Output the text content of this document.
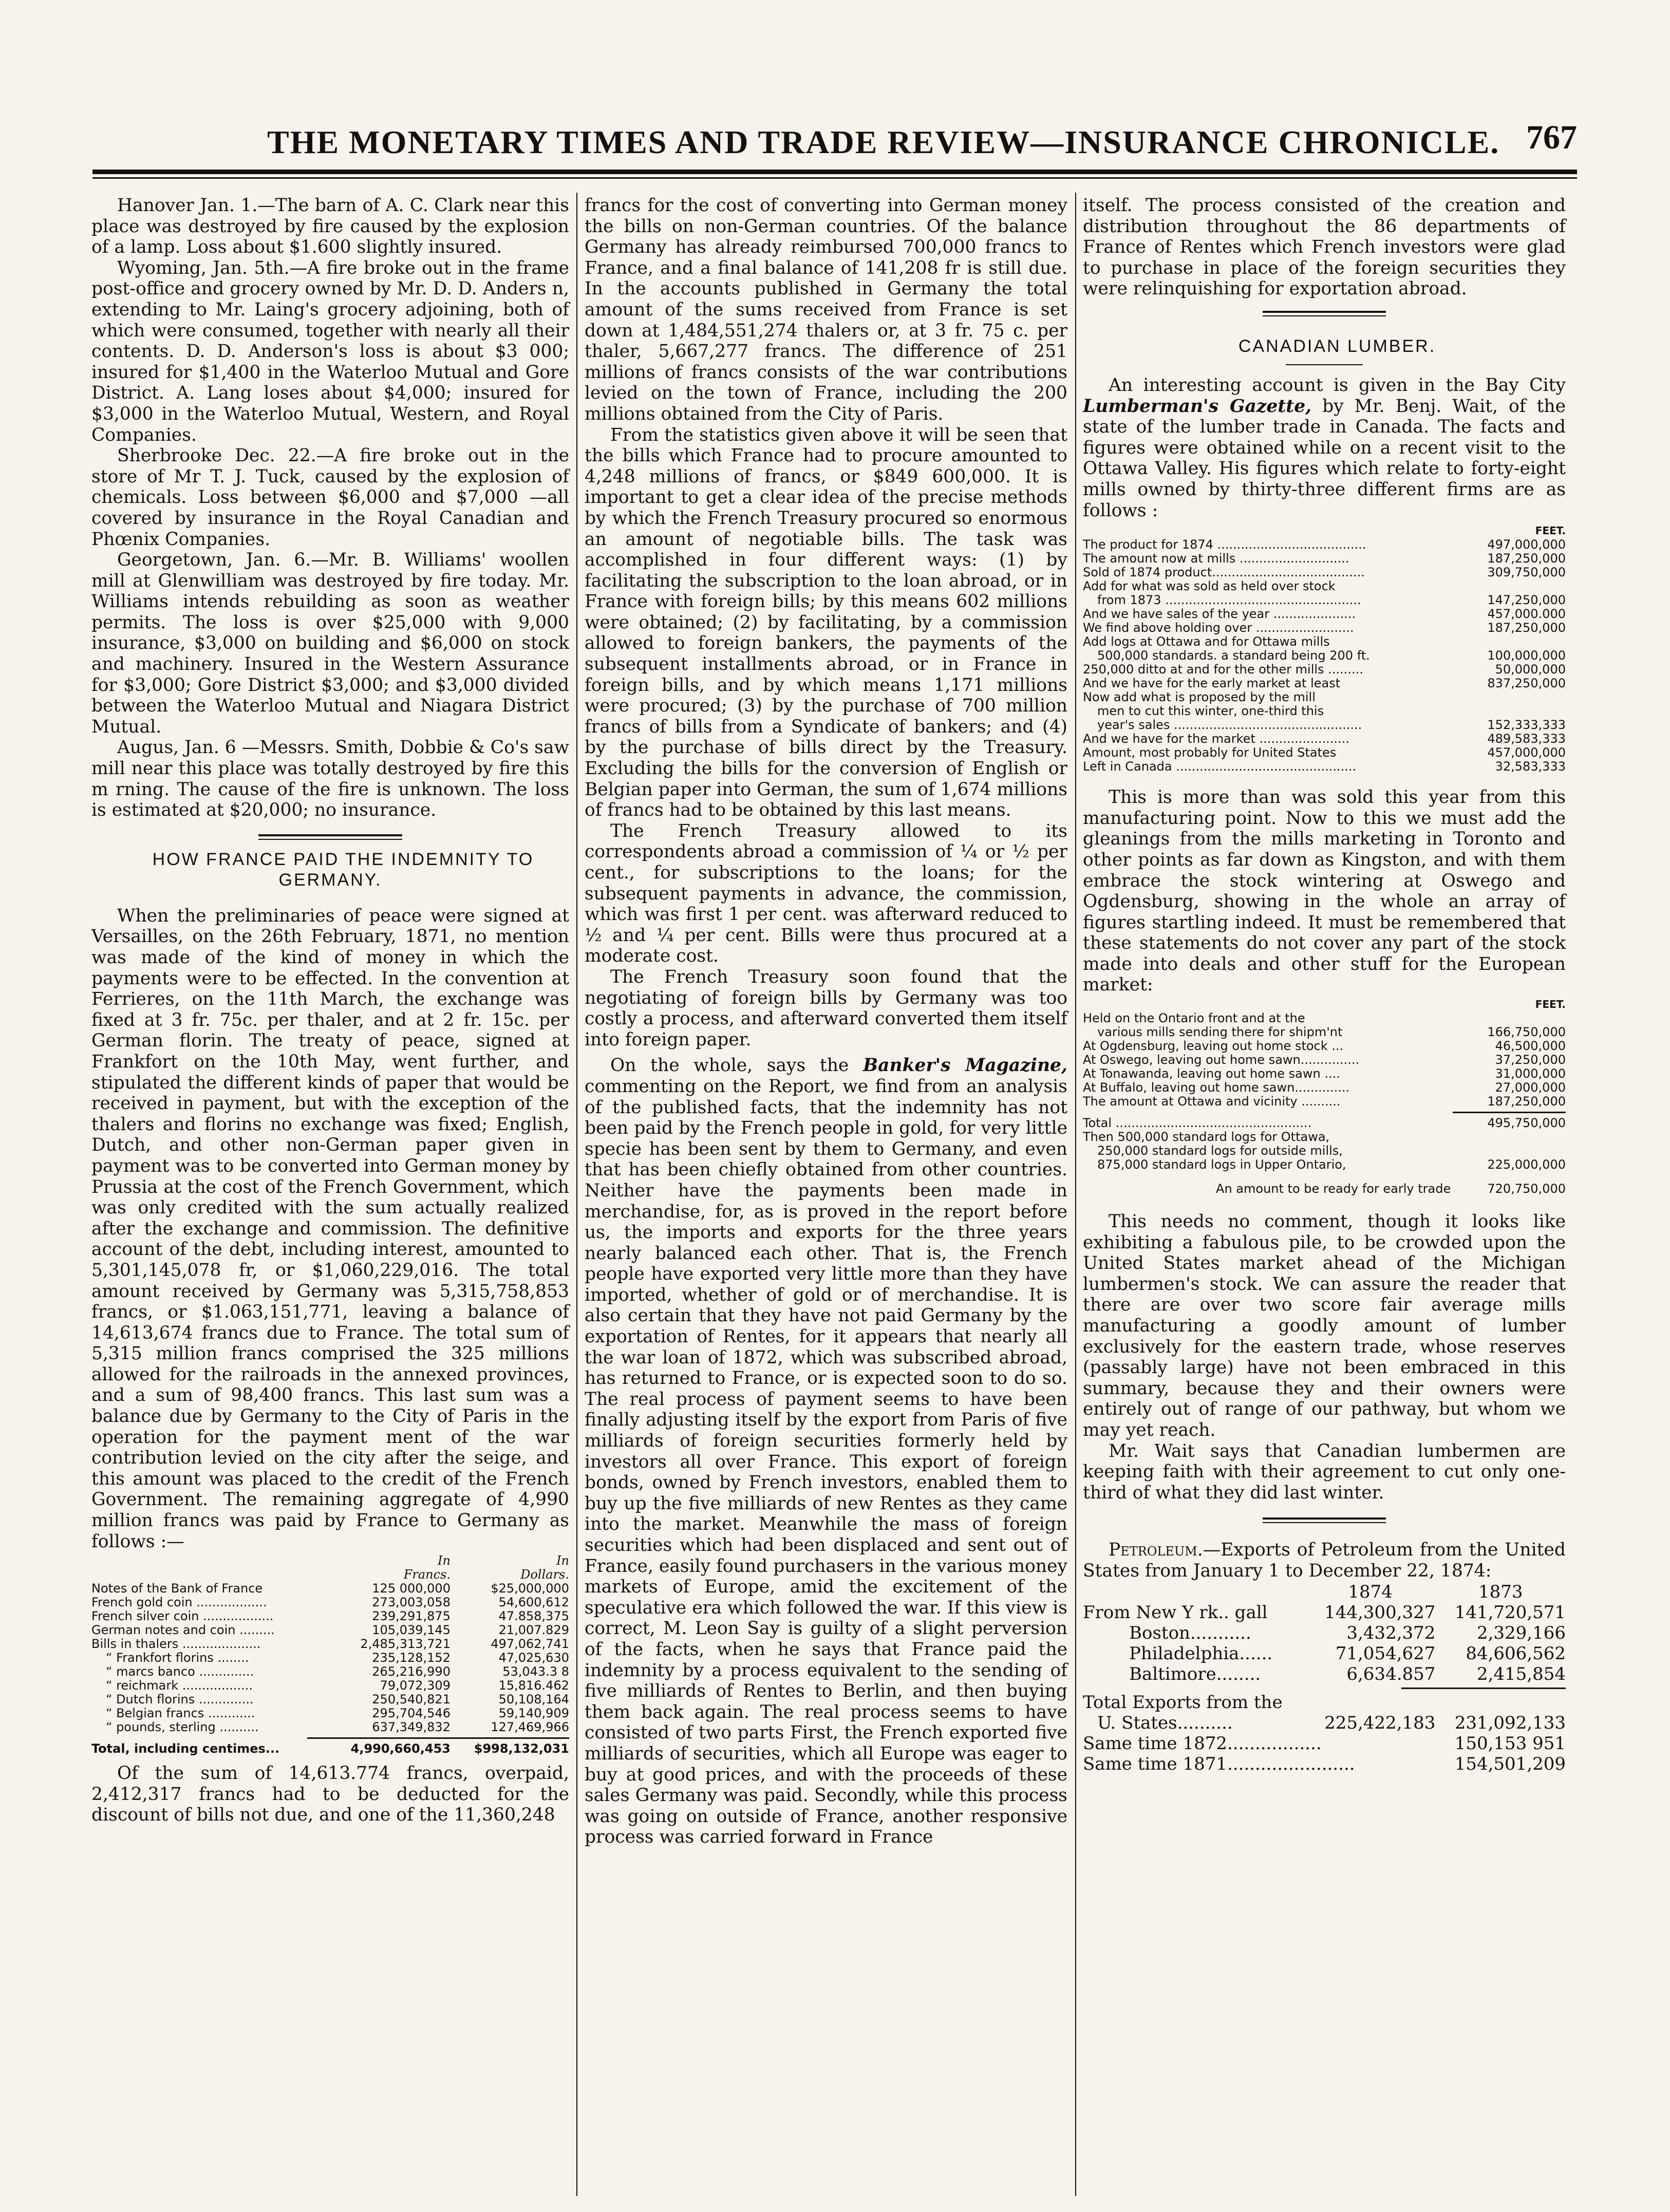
THE MONETARY TIMES AND TRADE REVIEW—INSURANCE CHRONICLE. 767

Hanover Jan. 1.—The barn of A. C. Clark near this place was destroyed by fire caused by the explosion of a lamp. Loss about $1.600 slightly insured.

Wyoming, Jan. 5th.—A fire broke out in the frame post-office and grocery owned by Mr. D. D. Anders n, extending to Mr. Laing's grocery adjoining, both of which were consumed, together with nearly all their contents. D. D. Anderson's loss is about $3 000; insured for $1,400 in the Waterloo Mutual and Gore District. A. Lang loses about $4,000; insured for $3,000 in the Waterloo Mutual, Western, and Royal Companies.

Sherbrooke Dec. 22.—A fire broke out in the store of Mr T. J. Tuck, caused by the explosion of chemicals. Loss between $6,000 and $7,000 —all covered by insurance in the Royal Canadian and Phœnix Companies.

Georgetown, Jan. 6.—Mr. B. Williams' woollen mill at Glenwilliam was destroyed by fire today. Mr. Williams intends rebuilding as soon as weather permits. The loss is over $25,000 with 9,000 insurance, $3,000 on building and $6,000 on stock and machinery. Insured in the Western Assurance for $3,000; Gore District $3,000; and $3,000 divided between the Waterloo Mutual and Niagara District Mutual.

Augus, Jan. 6 —Messrs. Smith, Dobbie & Co's saw mill near this place was totally destroyed by fire this m rning. The cause of the fire is unknown. The loss is estimated at $20,000; no insurance.

HOW FRANCE PAID THE INDEMNITY TO GERMANY.

When the preliminaries of peace were signed at Versailles, on the 26th February, 1871, no mention was made of the kind of money in which the payments were to be effected. In the convention at Ferrieres, on the 11th March, the exchange was fixed at 3 fr. 75c. per thaler, and at 2 fr. 15c. per German florin. The treaty of peace, signed at Frankfort on the 10th May, went further, and stipulated the different kinds of paper that would be received in payment, but with the exception of the thalers and florins no exchange was fixed; English, Dutch, and other non-German paper given in payment was to be converted into German money by Prussia at the cost of the French Government, which was only credited with the sum actually realized after the exchange and commission. The definitive account of the debt, including interest, amounted to 5,301,145,078 fr, or $1,060,229,016. The total amount received by Germany was 5,315,758,853 francs, or $1.063,151,771, leaving a balance of 14,613,674 francs due to France. The total sum of 5,315 million francs comprised the 325 millions allowed for the railroads in the annexed provinces, and a sum of 98,400 francs. This last sum was a balance due by Germany to the City of Paris in the operation for the payment ment of the war contribution levied on the city after the seige, and this amount was placed to the credit of the French Government. The remaining aggregate of 4,990 million francs was paid by France to Germany as follows :—

	In	In
	Francs.	Dollars.
Notes of the Bank of France	125 000,000	$25,000,000
French gold coin ..................	273,003,058	54,600,612
French silver coin ..................	239,291,875	47.858,375
German notes and coin .........	105,039,145	21,007.829
Bills in thalers ....................	2,485,313,721	497,062,741
“ Frankfort florins ........	235,128,152	47,025,630
“ marcs banco ..............	265,216,990	53,043.3 8
“ reichmark ..................	79,072,309	15,816.462
“ Dutch florins ..............	250,540,821	50,108,164
“ Belgian francs ............	295,704,546	59,140,909
“ pounds, sterling ..........	637,349,832	127,469,966

Total, including centimes...	4,990,660,453	$998,132,031

Of the sum of 14,613.774 francs, overpaid, 2,412,317 francs had to be deducted for the discount of bills not due, and one of the 11,360,248

francs for the cost of converting into German money the bills on non-German countries. Of the balance Germany has already reimbursed 700,000 francs to France, and a final balance of 141,208 fr is still due. In the accounts published in Germany the total amount of the sums received from France is set down at 1,484,551,274 thalers or, at 3 fr. 75 c. per thaler, 5,667,277 francs. The difference of 251 millions of francs consists of the war contributions levied on the town of France, including the 200 millions obtained from the City of Paris.

From the statistics given above it will be seen that the bills which France had to procure amounted to 4,248 millions of francs, or $849 600,000. It is important to get a clear idea of the precise methods by which the French Treasury procured so enormous an amount of negotiable bills. The task was accomplished in four different ways: (1) by facilitating the subscription to the loan abroad, or in France with foreign bills; by this means 602 millions were obtained; (2) by facilitating, by a commission allowed to foreign bankers, the payments of the subsequent installments abroad, or in France in foreign bills, and by which means 1,171 millions were procured; (3) by the purchase of 700 million francs of bills from a Syndicate of bankers; and (4) by the purchase of bills direct by the Treasury. Excluding the bills for the conversion of English or Belgian paper into German, the sum of 1,674 millions of francs had to be obtained by this last means.

The French Treasury allowed to its correspondents abroad a commission of ¼ or ½ per cent., for subscriptions to the loans; for the subsequent payments in advance, the commission, which was first 1 per cent. was afterward reduced to ½ and ¼ per cent. Bills were thus procured at a moderate cost.

The French Treasury soon found that the negotiating of foreign bills by Germany was too costly a process, and afterward converted them itself into foreign paper.

On the whole, says the Banker's Magazine, commenting on the Report, we find from an analysis of the published facts, that the indemnity has not been paid by the French people in gold, for very little specie has been sent by them to Germany, and even that has been chiefly obtained from other countries. Neither have the payments been made in merchandise, for, as is proved in the report before us, the imports and exports for the three years nearly balanced each other. That is, the French people have exported very little more than they have imported, whether of gold or of merchandise. It is also certain that they have not paid Germany by the exportation of Rentes, for it appears that nearly all the war loan of 1872, which was subscribed abroad, has returned to France, or is expected soon to do so. The real process of payment seems to have been finally adjusting itself by the export from Paris of five milliards of foreign securities formerly held by investors all over France. This export of foreign bonds, owned by French investors, enabled them to buy up the five milliards of new Rentes as they came into the market. Meanwhile the mass of foreign securities which had been displaced and sent out of France, easily found purchasers in the various money markets of Europe, amid the excitement of the speculative era which followed the war. If this view is correct, M. Leon Say is guilty of a slight perversion of the facts, when he says that France paid the indemnity by a process equivalent to the sending of five milliards of Rentes to Berlin, and then buying them back again. The real process seems to have consisted of two parts First, the French exported five milliards of securities, which all Europe was eager to buy at good prices, and with the proceeds of these sales Germany was paid. Secondly, while this process was going on outside of France, another responsive process was carried forward in France

itself. The process consisted of the creation and distribution throughout the 86 departments of France of Rentes which French investors were glad to purchase in place of the foreign securities they were relinquishing for exportation abroad.

CANADIAN LUMBER.

An interesting account is given in the Bay City Lumberman's Gazette, by Mr. Benj. Wait, of the state of the lumber trade in Canada. The facts and figures were obtained while on a recent visit to the Ottawa Valley. His figures which relate to forty-eight mills owned by thirty-three different firms are as follows :

	FEET.
The product for 1874 ......................................	497,000,000
The amount now at mills ............................	187,250,000
Sold of 1874 product.......................................	309,750,000
Add for what was sold as held over stock	
from 1873 ..................................................	147,250,000
And we have sales of the year .....................	457,000.000
We find above holding over .........................	187,250,000
Add logs at Ottawa and for Ottawa mills	
500,000 standards. a standard being 200 ft.	100,000,000
250,000 ditto at and for the other mills .........	50,000,000
And we have for the early market at least	837,250,000
Now add what is proposed by the mill	
men to cut this winter, one-third this	
year's sales ................................................	152,333,333
And we have for the market .......................	489,583,333
Amount, most probably for United States	457,000,000
Left in Canada ..............................................	32,583,333

This is more than was sold this year from this manufacturing point. Now to this we must add the gleanings from the mills marketing in Toronto and other points as far down as Kingston, and with them embrace the stock wintering at Oswego and Ogdensburg, showing in the whole an array of figures startling indeed. It must be remembered that these statements do not cover any part of the stock made into deals and other stuff for the European market:

	FEET.
Held on the Ontario front and at the	
various mills sending there for shipm'nt	166,750,000
At Ogdensburg, leaving out home stock ...	46,500,000
At Oswego, leaving out home sawn...............	37,250,000
At Tonawanda, leaving out home sawn ....	31,000,000
At Buffalo, leaving out home sawn..............	27,000,000
The amount at Ottawa and vicinity ..........	187,250,000

Total ..................................................	495,750,000
Then 500,000 standard logs for Ottawa,	
250,000 standard logs for outside mills,	
875,000 standard logs in Upper Ontario,	225,000,000

An amount to be ready for early trade	720,750,000

This needs no comment, though it looks like exhibiting a fabulous pile, to be crowded upon the United States market ahead of the Michigan lumbermen's stock. We can assure the reader that there are over two score fair average mills manufacturing a goodly amount of lumber exclusively for the eastern trade, whose reserves (passably large) have not been embraced in this summary, because they and their owners were entirely out of range of our pathway, but whom we may yet reach.

Mr. Wait says that Canadian lumbermen are keeping faith with their agreement to cut only one-third of what they did last winter.

Petroleum.—Exports of Petroleum from the United States from January 1 to December 22, 1874:

	1874	1873
From New Y rk.. gall	144,300,327	141,720,571
Boston...........	3,432,372	2,329,166
Philadelphia......	71,054,627	84,606,562
Baltimore........	6,634.857	2,415,854

Total Exports from the		
U. States..........	225,422,183	231,092,133
Same time 1872.................		150,153 951
Same time 1871.......................		154,501,209
